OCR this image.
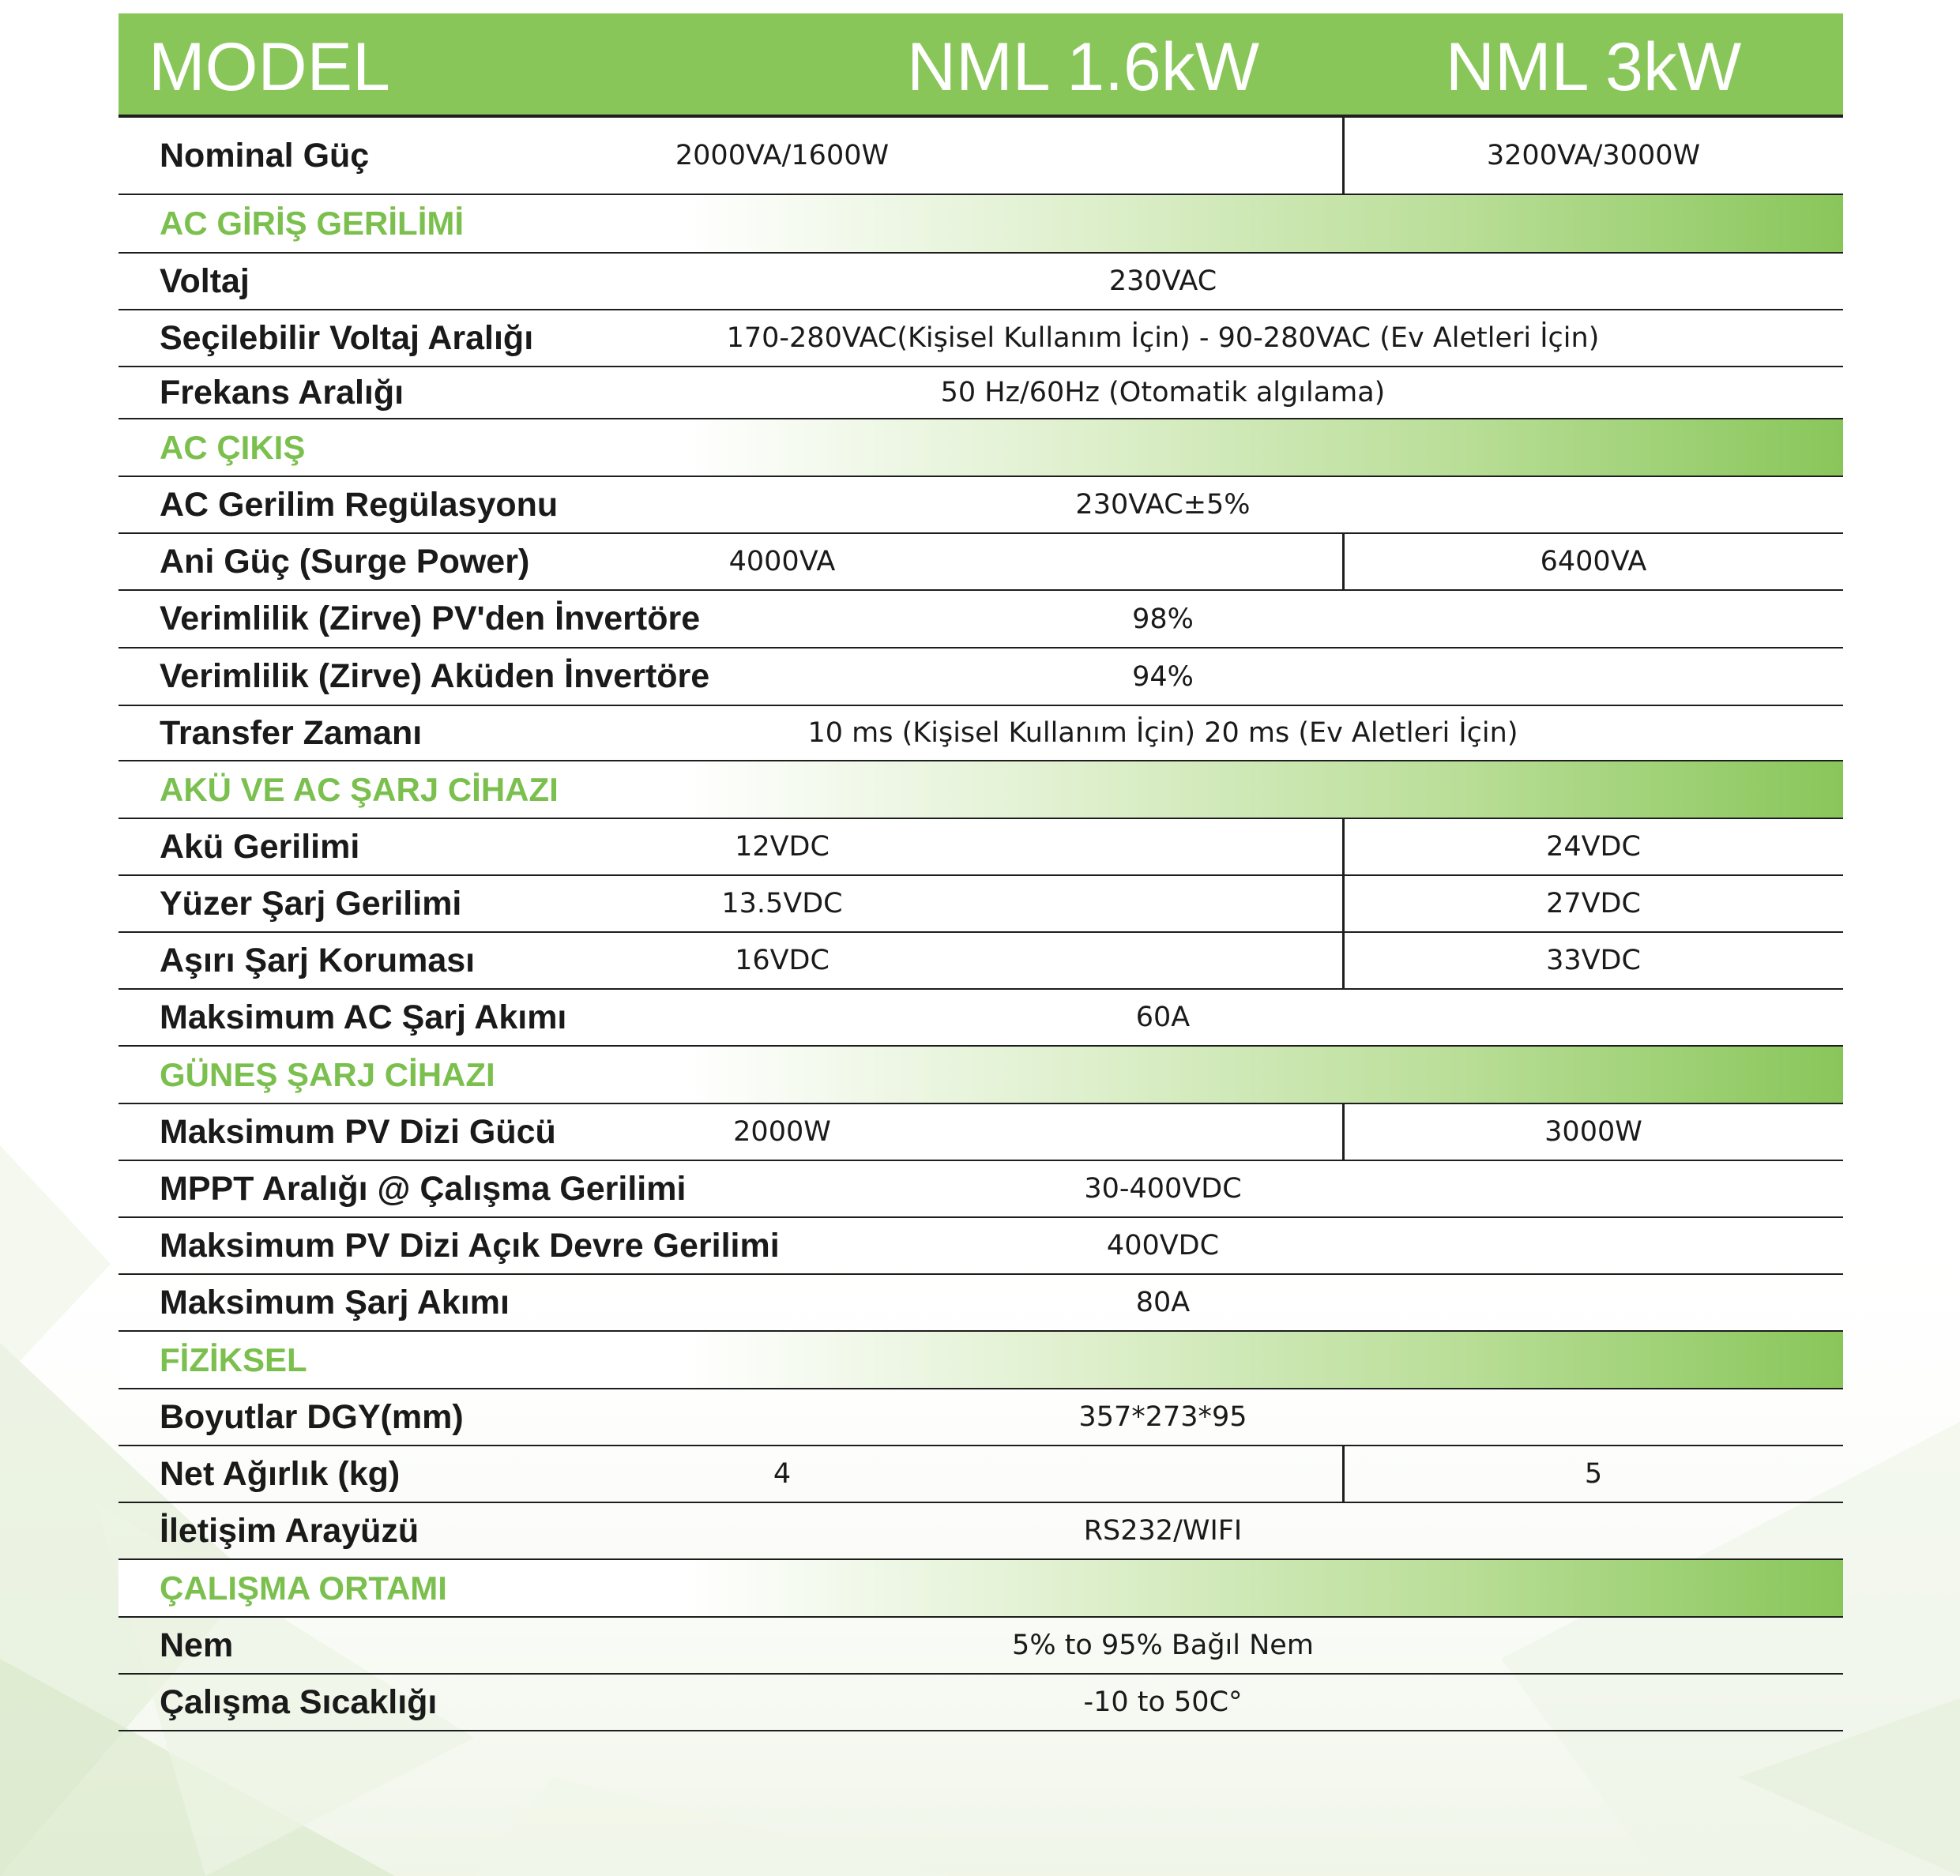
MODEL	NML 1.6kW	NML 3kW
Nominal Güç	2000VA/1600W	3200VA/3000W
AC GİRİŞ GERİLİMİ
Voltaj	230VAC
Seçilebilir Voltaj Aralığı	170-280VAC(Kişisel Kullanım İçin) - 90-280VAC (Ev Aletleri İçin)
Frekans Aralığı	50 Hz/60Hz (Otomatik algılama)
AC ÇIKIŞ
AC Gerilim Regülasyonu	230VAC±5%
Ani Güç (Surge Power)	4000VA	6400VA
Verimlilik (Zirve) PV'den İnvertöre	98%
Verimlilik (Zirve) Aküden İnvertöre	94%
Transfer Zamanı	10 ms (Kişisel Kullanım İçin) 20 ms (Ev Aletleri İçin)
AKÜ VE AC ŞARJ CİHAZI
Akü Gerilimi	12VDC	24VDC
Yüzer Şarj Gerilimi	13.5VDC	27VDC
Aşırı Şarj Koruması	16VDC	33VDC
Maksimum AC Şarj Akımı	60A
GÜNEŞ ŞARJ CİHAZI
Maksimum PV Dizi Gücü	2000W	3000W
MPPT Aralığı @ Çalışma Gerilimi	30-400VDC
Maksimum PV Dizi Açık Devre Gerilimi	400VDC
Maksimum Şarj Akımı	80A
FİZİKSEL
Boyutlar DGY(mm)	357*273*95
Net Ağırlık (kg)	4	5
İletişim Arayüzü	RS232/WIFI
ÇALIŞMA ORTAMI
Nem	5% to 95% Bağıl Nem
Çalışma Sıcaklığı	-10 to 50C°
